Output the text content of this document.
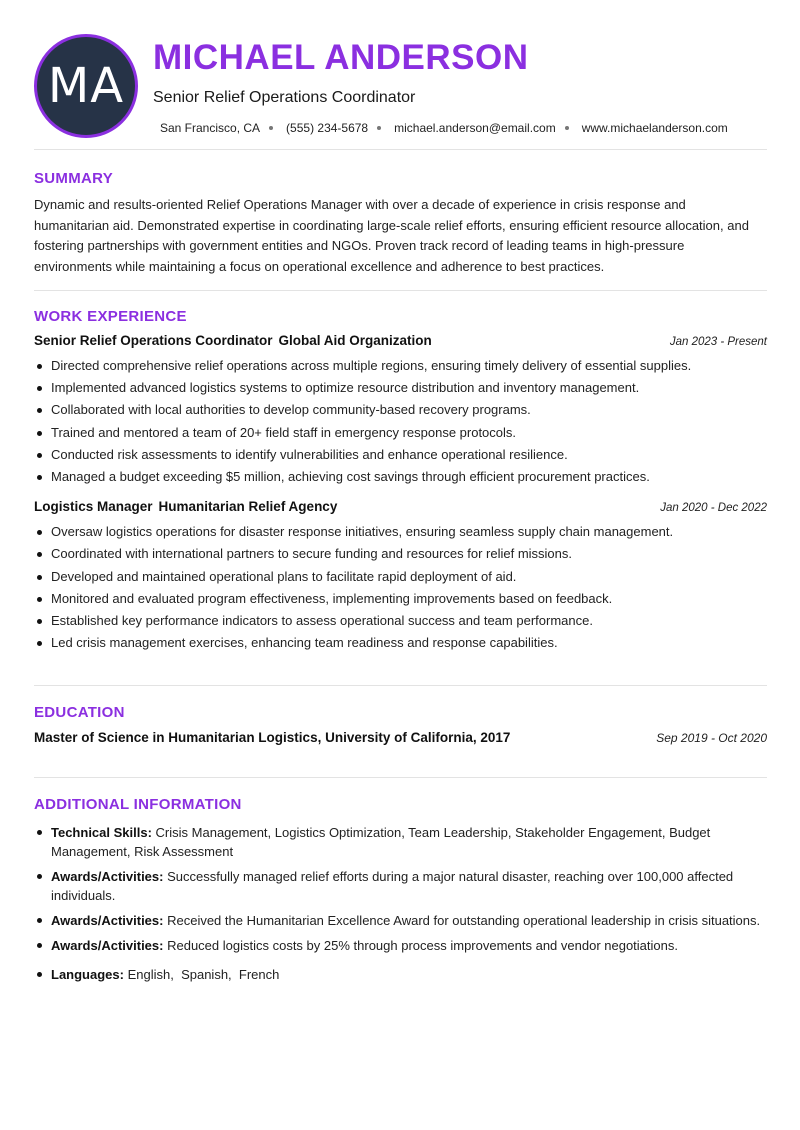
MA
MICHAEL ANDERSON
Senior Relief Operations Coordinator
San Francisco, CA (555) 234-5678 michael.anderson@email.com www.michaelanderson.com
SUMMARY

Dynamic and results-oriented Relief Operations Manager with over a decade of experience in crisis response and humanitarian aid. Demonstrated expertise in coordinating large-scale relief efforts, ensuring efficient resource allocation, and fostering partnerships with government entities and NGOs. Proven track record of leading teams in high-pressure environments while maintaining a focus on operational excellence and adherence to best practices.

WORK EXPERIENCE
Senior Relief Operations Coordinator Global Aid Organization	Jan 2023 - Present
Directed comprehensive relief operations across multiple regions, ensuring timely delivery of essential supplies.
Implemented advanced logistics systems to optimize resource distribution and inventory management.
Collaborated with local authorities to develop community-based recovery programs.
Trained and mentored a team of 20+ field staff in emergency response protocols.
Conducted risk assessments to identify vulnerabilities and enhance operational resilience.
Managed a budget exceeding $5 million, achieving cost savings through efficient procurement practices.
Logistics Manager Humanitarian Relief Agency	Jan 2020 - Dec 2022
Oversaw logistics operations for disaster response initiatives, ensuring seamless supply chain management.
Coordinated with international partners to secure funding and resources for relief missions.
Developed and maintained operational plans to facilitate rapid deployment of aid.
Monitored and evaluated program effectiveness, implementing improvements based on feedback.
Established key performance indicators to assess operational success and team performance.
Led crisis management exercises, enhancing team readiness and response capabilities.
EDUCATION
Master of Science in Humanitarian Logistics, University of California, 2017	Sep 2019 - Oct 2020
ADDITIONAL INFORMATION
Technical Skills: Crisis Management, Logistics Optimization, Team Leadership, Stakeholder Engagement, Budget Management, Risk Assessment
Awards/Activities: Successfully managed relief efforts during a major natural disaster, reaching over 100,000 affected individuals.
Awards/Activities: Received the Humanitarian Excellence Award for outstanding operational leadership in crisis situations.
Awards/Activities: Reduced logistics costs by 25% through process improvements and vendor negotiations.
Languages: English,  Spanish,  French
